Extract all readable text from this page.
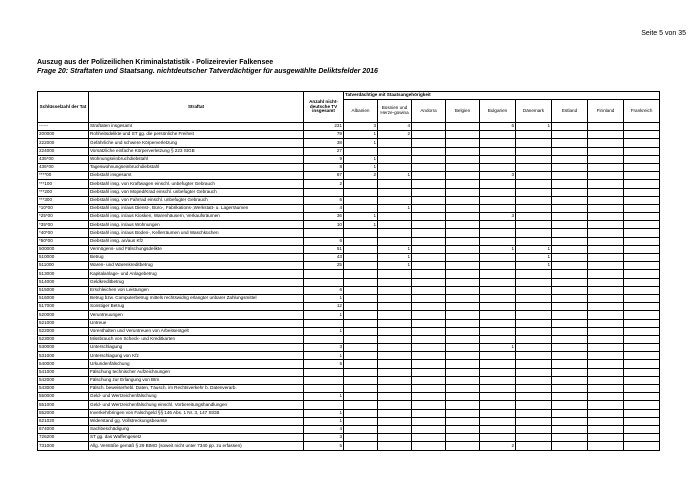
Seite 5 von 35
Auszug aus der Polizeilichen Kriminalstatistik - Polizeirevier Falkensee
Frage 20: Straftaten und Staatsang. nichtdeutscher Tatverdächtiger für ausgewählte Deliktsfelder 2016
Schlüsselzahl der Tat	Straftat	Anzahl nicht-deutsche TV insgesamt	Tatverdächtige mit Staatsangehörigkeit								
			Albanien	Bosnien und Herze-gowina	Andorra	Belgien	Bulgarien	Dänemark	Estland	Finnland	Frankreich
------	Straftaten insgesamt	231	3	4			6	1			
200000	Rohheitsdelikte und ST gg. die persönliche Freiheit	79	1	2							
222000	Gefährliche und schwere Körperverletzung	38	1								
224000	Vorsätzliche einfache Körperverletzung § 223 StGB	27									
435*00	Wohnungseinbruchdiebstahl	9	1								
436*00	Tageswohnungseinbruchdiebstahl	8	1								
****00	Diebstahl insgesamt	67	2	1			3				
***100	Diebstahl insg. von Kraftwagen einschl. unbefugter Gebrauch	2									
***200	Diebstahl insg. von Moped/Krad einschl. unbefugter Gebrauch										
***300	Diebstahl insg. von Fahrrad einschl. unbefugter Gebrauch	6									
*10*00	Diebstahl insg. in/aus Dienst-, Büro-, Fabrikations-,Werkstatt- u. Lagerräumen	4		1							
*25*00	Diebstahl insg. in/aus Kiosken, Warenhäusern, Verkaufsräumen	36	1				3				
*35*00	Diebstahl insg. in/aus Wohnungen	10	1								
*40*00	Diebstahl insg. in/aus Boden-, Kellerräumen und Waschküchen										
*50*00	Diebstahl insg. an/aus Kfz	6									
500000	Vermögens- und Fälschungsdelikte	51		1			1	1			
510000	Betrug	43		1				1			
511000	Waren- und Warenkreditbetrug	25		1				1			
513000	Kapitalanlage- und Anlagebetrug										
514000	Geldkreditbetrug										
515000	Erschleichen von Leistungen	6									
516000	Betrug bzw. Computerbetrug mittels rechtswidrig erlangter unbarer Zahlungsmittel	1									
517000	Sonstiger Betrug	12									
520000	Veruntreuungen	1									
521000	Untreue										
522000	Vorenthalten und Veruntreuen von Arbeitsentgelt	1									
523000	Missbrauch von Scheck- und Kreditkarten										
530000	Unterschlagung	3					1				
531000	Unterschlagung von Kfz	1									
540000	Urkundenfälschung	5									
541000	Fälschung technischer Aufzeichnungen										
542000	Fälschung zur Erlangung von Btm										
543000	Fälsch. beweiserhebl. Daten, Täusch. im Rechtsverkehr b. Datenverarb.										
550000	Geld- und Wertzeichenfälschung	1									
551000	Geld- und Wertzeichenfälschung einschl. Vorbereitungshandlungen										
552000	Inverkehrbringen von Falschgeld §§ 146 Abs. 1 Nr. 3, 147 StGB	1									
621020	Widerstand gg. Vollstreckungsbeamte	1									
674000	Sachbeschädigung	4									
726200	ST gg. das Waffengesetz	3									
731000	Allg. Verstöße gemäß § 29 BtMG (soweit nicht unter 7340 pp. zu erfassen)	5					2				
